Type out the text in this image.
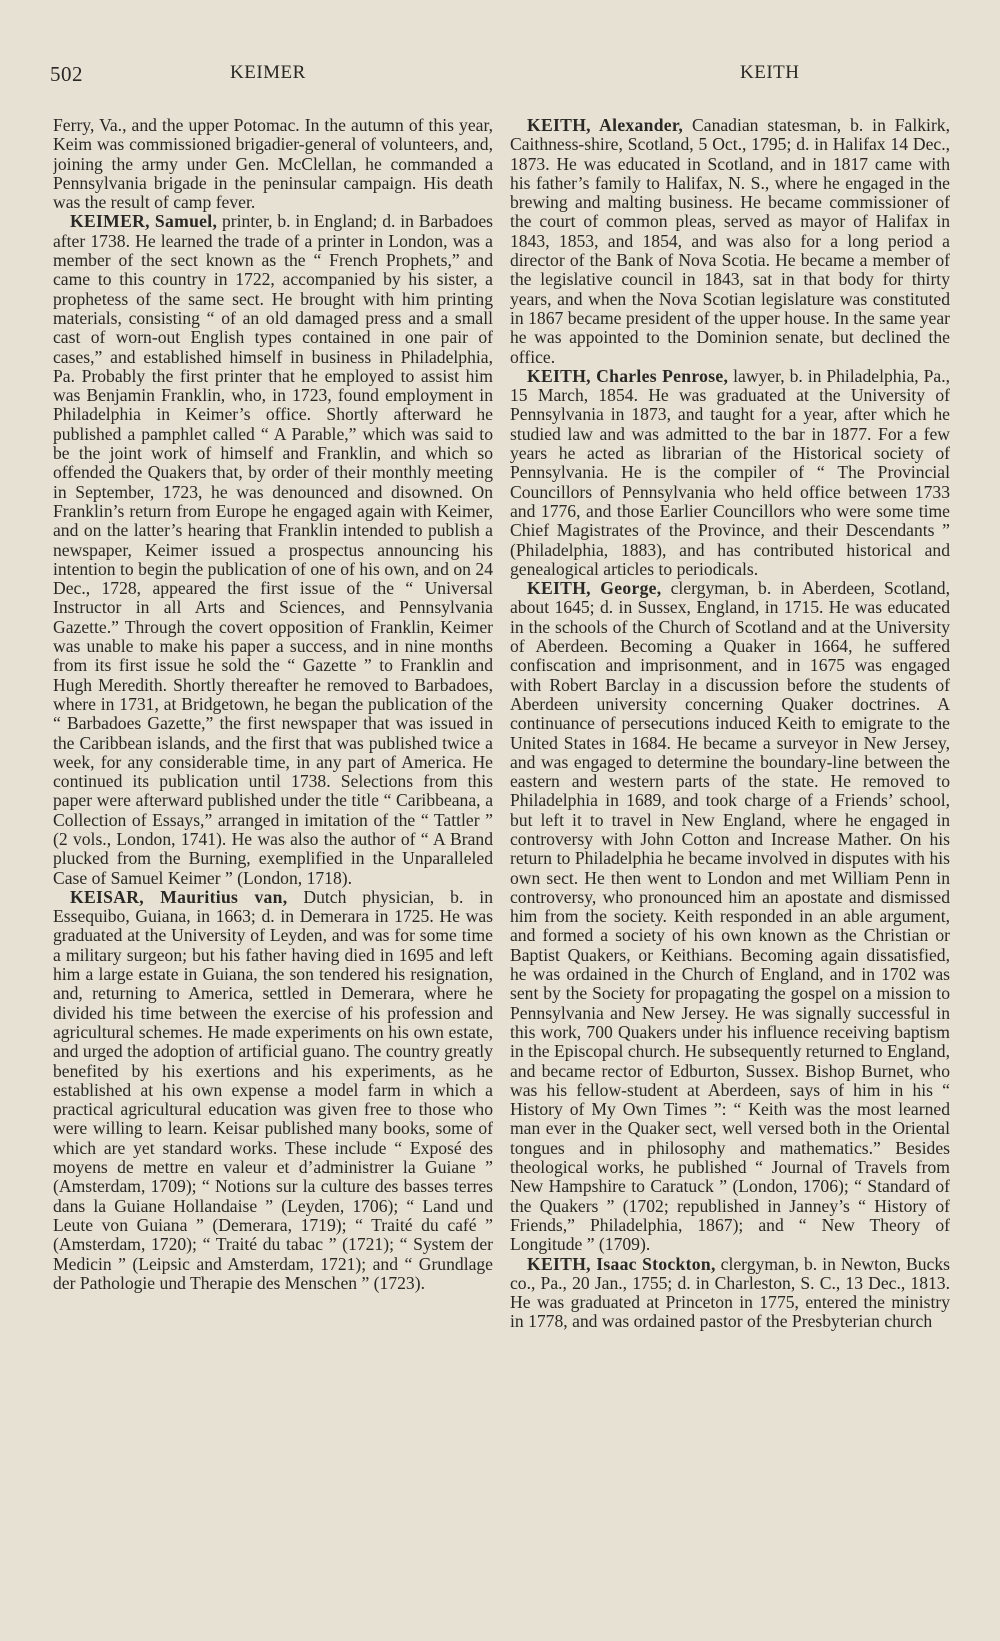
502	KEIMER	KEITH

Ferry, Va., and the upper Potomac. In the autumn of this year, Keim was commissioned brigadier-general of volunteers, and, joining the army under Gen. McClellan, he commanded a Pennsylvania brigade in the peninsular campaign. His death was the result of camp fever.

KEIMER, Samuel, printer, b. in England; d. in Barbadoes after 1738. He learned the trade of a printer in London, was a member of the sect known as the “ French Prophets,” and came to this country in 1722, accompanied by his sister, a prophetess of the same sect. He brought with him printing materials, consisting “ of an old damaged press and a small cast of worn-out English types contained in one pair of cases,” and established himself in business in Philadelphia, Pa. Probably the first printer that he employed to assist him was Benjamin Franklin, who, in 1723, found employment in Philadelphia in Keimer’s office. Shortly afterward he published a pamphlet called “ A Parable,” which was said to be the joint work of himself and Franklin, and which so offended the Quakers that, by order of their monthly meeting in September, 1723, he was denounced and disowned. On Franklin’s return from Europe he engaged again with Keimer, and on the latter’s hearing that Franklin intended to publish a newspaper, Keimer issued a prospectus announcing his intention to begin the publication of one of his own, and on 24 Dec., 1728, appeared the first issue of the “ Universal Instructor in all Arts and Sciences, and Pennsylvania Gazette.” Through the covert opposition of Franklin, Keimer was unable to make his paper a success, and in nine months from its first issue he sold the “ Gazette ” to Franklin and Hugh Meredith. Shortly thereafter he removed to Barbadoes, where in 1731, at Bridgetown, he began the publication of the “ Barbadoes Gazette,” the first newspaper that was issued in the Caribbean islands, and the first that was published twice a week, for any considerable time, in any part of America. He continued its publication until 1738. Selections from this paper were afterward published under the title “ Caribbeana, a Collection of Essays,” arranged in imitation of the “ Tattler ” (2 vols., London, 1741). He was also the author of “ A Brand plucked from the Burning, exemplified in the Unparalleled Case of Samuel Keimer ” (London, 1718).

KEISAR, Mauritius van, Dutch physician, b. in Essequibo, Guiana, in 1663; d. in Demerara in 1725. He was graduated at the University of Leyden, and was for some time a military surgeon; but his father having died in 1695 and left him a large estate in Guiana, the son tendered his resignation, and, returning to America, settled in Demerara, where he divided his time between the exercise of his profession and agricultural schemes. He made experiments on his own estate, and urged the adoption of artificial guano. The country greatly benefited by his exertions and his experiments, as he established at his own expense a model farm in which a practical agricultural education was given free to those who were willing to learn. Keisar published many books, some of which are yet standard works. These include “ Exposé des moyens de mettre en valeur et d’administrer la Guiane ” (Amsterdam, 1709); “ Notions sur la culture des basses terres dans la Guiane Hollandaise ” (Leyden, 1706); “ Land und Leute von Guiana ” (Demerara, 1719); “ Traité du café ” (Amsterdam, 1720); “ Traité du tabac ” (1721); “ System der Medicin ” (Leipsic and Amsterdam, 1721); and “ Grundlage der Pathologie und Therapie des Menschen ” (1723).

KEITH, Alexander, Canadian statesman, b. in Falkirk, Caithness-shire, Scotland, 5 Oct., 1795; d. in Halifax 14 Dec., 1873. He was educated in Scotland, and in 1817 came with his father’s family to Halifax, N. S., where he engaged in the brewing and malting business. He became commissioner of the court of common pleas, served as mayor of Halifax in 1843, 1853, and 1854, and was also for a long period a director of the Bank of Nova Scotia. He became a member of the legislative council in 1843, sat in that body for thirty years, and when the Nova Scotian legislature was constituted in 1867 became president of the upper house. In the same year he was appointed to the Dominion senate, but declined the office.

KEITH, Charles Penrose, lawyer, b. in Philadelphia, Pa., 15 March, 1854. He was graduated at the University of Pennsylvania in 1873, and taught for a year, after which he studied law and was admitted to the bar in 1877. For a few years he acted as librarian of the Historical society of Pennsylvania. He is the compiler of “ The Provincial Councillors of Pennsylvania who held office between 1733 and 1776, and those Earlier Councillors who were some time Chief Magistrates of the Province, and their Descendants ” (Philadelphia, 1883), and has contributed historical and genealogical articles to periodicals.

KEITH, George, clergyman, b. in Aberdeen, Scotland, about 1645; d. in Sussex, England, in 1715. He was educated in the schools of the Church of Scotland and at the University of Aberdeen. Becoming a Quaker in 1664, he suffered confiscation and imprisonment, and in 1675 was engaged with Robert Barclay in a discussion before the students of Aberdeen university concerning Quaker doctrines. A continuance of persecutions induced Keith to emigrate to the United States in 1684. He became a surveyor in New Jersey, and was engaged to determine the boundary-line between the eastern and western parts of the state. He removed to Philadelphia in 1689, and took charge of a Friends’ school, but left it to travel in New England, where he engaged in controversy with John Cotton and Increase Mather. On his return to Philadelphia he became involved in disputes with his own sect. He then went to London and met William Penn in controversy, who pronounced him an apostate and dismissed him from the society. Keith responded in an able argument, and formed a society of his own known as the Christian or Baptist Quakers, or Keithians. Becoming again dissatisfied, he was ordained in the Church of England, and in 1702 was sent by the Society for propagating the gospel on a mission to Pennsylvania and New Jersey. He was signally successful in this work, 700 Quakers under his influence receiving baptism in the Episcopal church. He subsequently returned to England, and became rector of Edburton, Sussex. Bishop Burnet, who was his fellow-student at Aberdeen, says of him in his “ History of My Own Times ”: “ Keith was the most learned man ever in the Quaker sect, well versed both in the Oriental tongues and in philosophy and mathematics.” Besides theological works, he published “ Journal of Travels from New Hampshire to Caratuck ” (London, 1706); “ Standard of the Quakers ” (1702; republished in Janney’s “ History of Friends,” Philadelphia, 1867); and “ New Theory of Longitude ” (1709).

KEITH, Isaac Stockton, clergyman, b. in Newton, Bucks co., Pa., 20 Jan., 1755; d. in Charleston, S. C., 13 Dec., 1813. He was graduated at Princeton in 1775, entered the ministry in 1778, and was ordained pastor of the Presbyterian church
